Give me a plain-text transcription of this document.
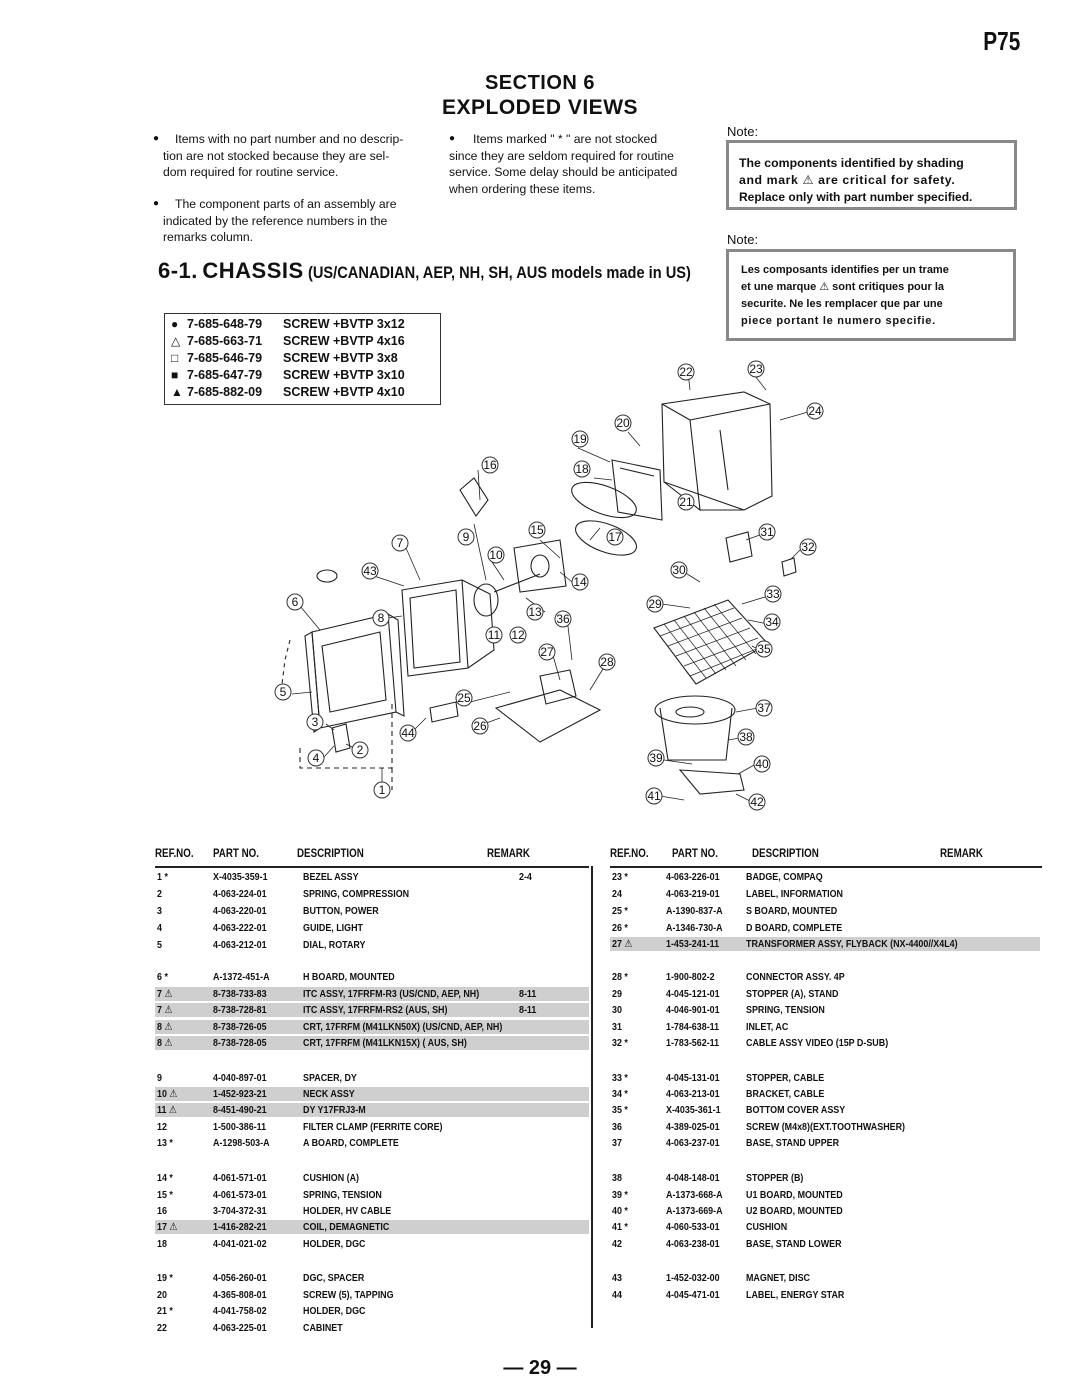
P75
SECTION 6
EXPLODED VIEWS
●	Items with no part number and no descrip-
tion are not stocked because they are sel-
dom required for routine service.
●	The component parts of an assembly are
indicated by the reference numbers in the
remarks column.
●	Items marked " * " are not stocked
since they are seldom required for routine
service. Some delay should be anticipated
when ordering these items.
Note:
The components identified by shading
and mark ⚠ are critical for safety.
Replace only with part number specified.
Note:
Les composants identifies per un trame
et une marque ⚠ sont critiques pour la
securite. Ne les remplacer que par une
piece portant le numero specifie.
6-1. CHASSIS (US/CANADIAN, AEP, NH, SH, AUS models made in US)
● 7-685-648-79 SCREW +BVTP 3x12
△ 7-685-663-71 SCREW +BVTP 4x16
□ 7-685-646-79 SCREW +BVTP 3x8
■ 7-685-647-79 SCREW +BVTP 3x10
▲ 7-685-882-09 SCREW +BVTP 4x10
1
2
3
4
5
6
7
8
9
10
11 12
13
14
15
16
17
18
19
20
21
22	23
24
25
26
27
28
29
30
31
32
33
34
35
36
37
38
39	40
41	42
43
44
REF.NO. PART NO.	DESCRIPTION	REMARK	REF.NO. PART NO.	DESCRIPTION	REMARK
1 *	X-4035-359-1	BEZEL ASSY	2-4
2	4-063-224-01	SPRING, COMPRESSION
3	4-063-220-01	BUTTON, POWER
4	4-063-222-01	GUIDE, LIGHT
5	4-063-212-01	DIAL, ROTARY
6 *	A-1372-451-A	H BOARD, MOUNTED
7 ⚠	8-738-733-83	ITC ASSY, 17FRFM-R3 (US/CND, AEP, NH)	8-11
7 ⚠	8-738-728-81	ITC ASSY, 17FRFM-RS2 (AUS, SH)	8-11
8 ⚠	8-738-726-05	CRT, 17FRFM (M41LKN50X) (US/CND, AEP, NH)
8 ⚠	8-738-728-05	CRT, 17FRFM (M41LKN15X) ( AUS, SH)
9	4-040-897-01	SPACER, DY
10 ⚠	1-452-923-21	NECK ASSY
11 ⚠	8-451-490-21	DY Y17FRJ3-M
12	1-500-386-11	FILTER CLAMP (FERRITE CORE)
13 *	A-1298-503-A	A BOARD, COMPLETE
14 *	4-061-571-01	CUSHION (A)
15 *	4-061-573-01	SPRING, TENSION
16	3-704-372-31	HOLDER, HV CABLE
17 ⚠	1-416-282-21	COIL, DEMAGNETIC
18	4-041-021-02	HOLDER, DGC
19 *	4-056-260-01	DGC, SPACER
20	4-365-808-01	SCREW (5), TAPPING
21 *	4-041-758-02	HOLDER, DGC
22	4-063-225-01	CABINET
23 *	4-063-226-01	BADGE, COMPAQ
24	4-063-219-01	LABEL, INFORMATION
25 *	A-1390-837-A S BOARD, MOUNTED
26 *	A-1346-730-A D BOARD, COMPLETE
27 ⚠	1-453-241-11	TRANSFORMER ASSY, FLYBACK (NX-4400//X4L4)
28 *	1-900-802-2	CONNECTOR ASSY. 4P
29	4-045-121-01	STOPPER (A), STAND
30	4-046-901-01	SPRING, TENSION
31	1-784-638-11	INLET, AC
32 *	1-783-562-11	CABLE ASSY VIDEO (15P D-SUB)
33 *	4-045-131-01	STOPPER, CABLE
34 *	4-063-213-01	BRACKET, CABLE
35 *	X-4035-361-1 BOTTOM COVER ASSY
36	4-389-025-01	SCREW (M4x8)(EXT.TOOTHWASHER)
37	4-063-237-01	BASE, STAND UPPER
38	4-048-148-01	STOPPER (B)
39 *	A-1373-668-A U1 BOARD, MOUNTED
40 *	A-1373-669-A U2 BOARD, MOUNTED
41 *	4-060-533-01	CUSHION
42	4-063-238-01	BASE, STAND LOWER
43	1-452-032-00	MAGNET, DISC
44	4-045-471-01	LABEL, ENERGY STAR
— 29 —
